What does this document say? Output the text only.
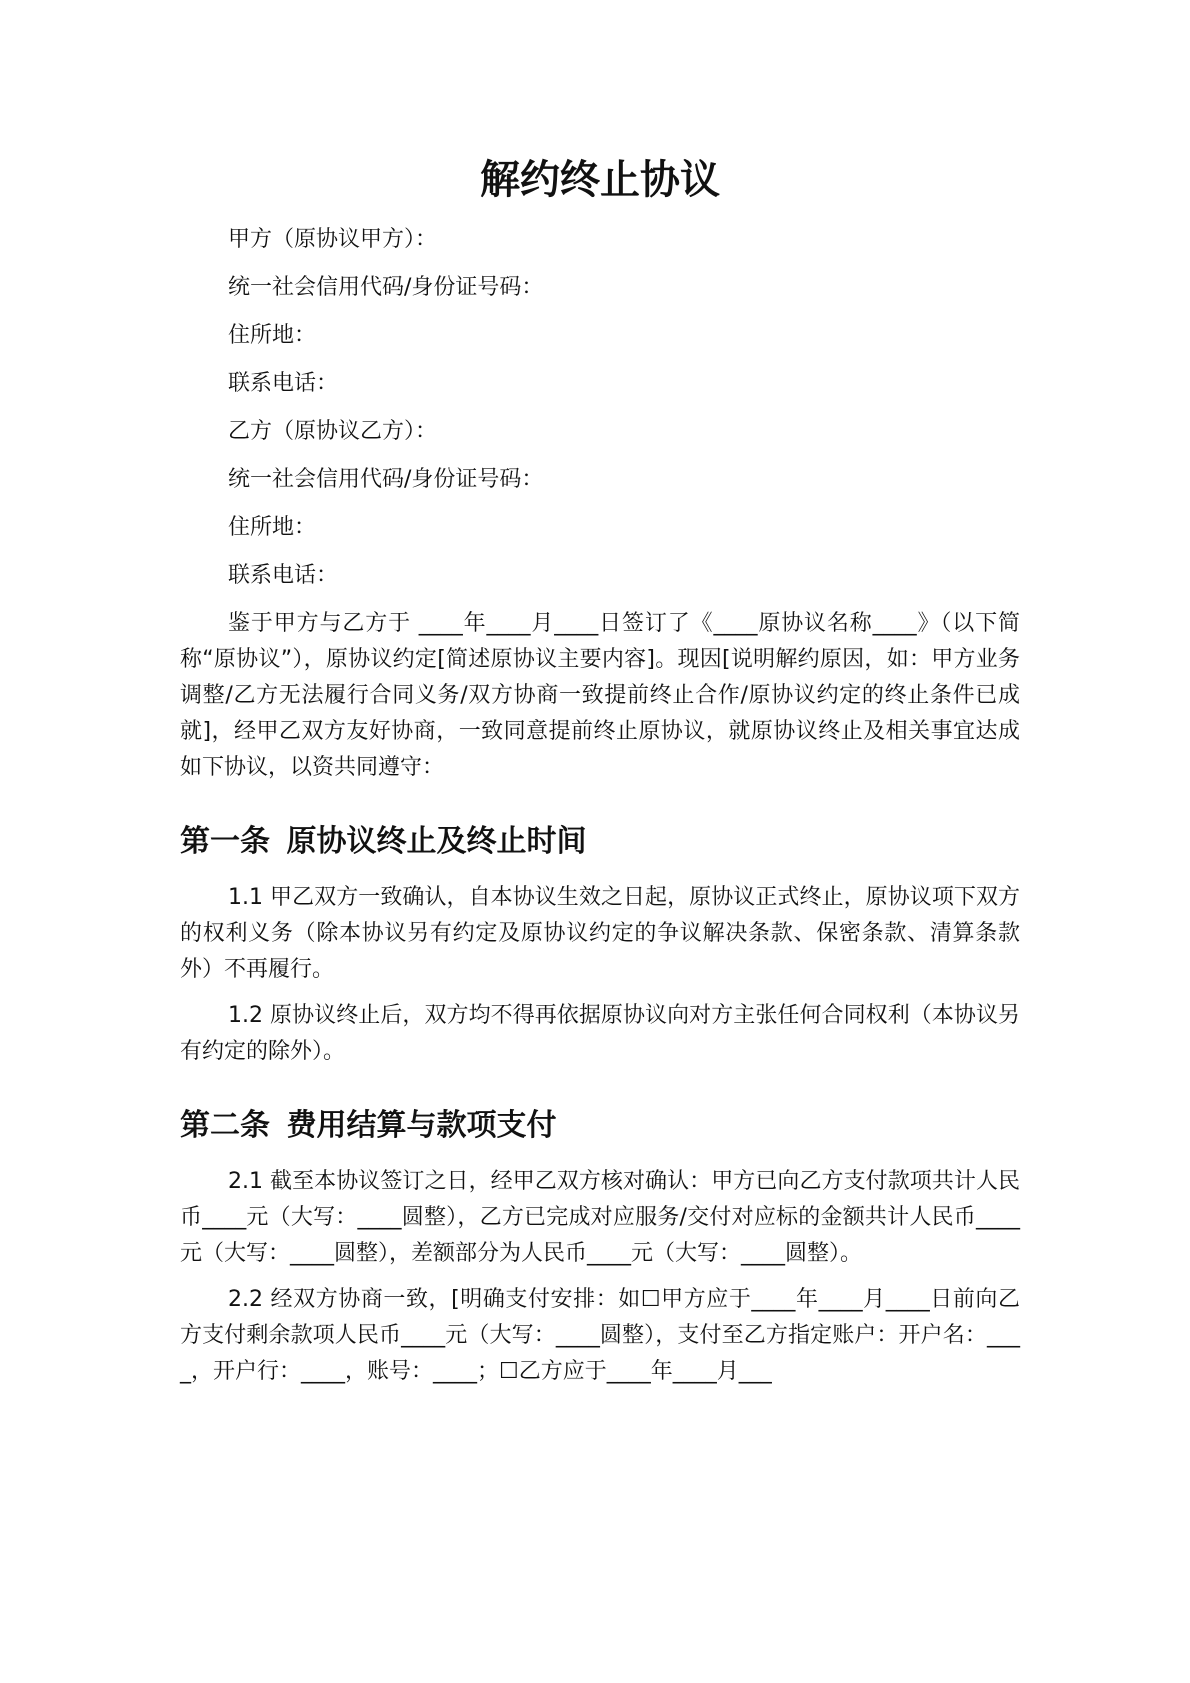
解约终止协议

甲方（原协议甲方）：

统一社会信用代码/身份证号码：

住所地：

联系电话：

乙方（原协议乙方）：

统一社会信用代码/身份证号码：

住所地：

联系电话：

鉴于甲方与乙方于 ____年____月____日签订了《____原协议名称____》（以下简称“原协议”），原协议约定[简述原协议主要内容]。现因[说明解约原因，如：甲方业务调整/乙方无法履行合同义务/双方协商一致提前终止合作/原协议约定的终止条件已成就]，经甲乙双方友好协商，一致同意提前终止原协议，就原协议终止及相关事宜达成如下协议，以资共同遵守：

第一条 原协议终止及终止时间

1.1 甲乙双方一致确认，自本协议生效之日起，原协议正式终止，原协议项下双方的权利义务（除本协议另有约定及原协议约定的争议解决条款、保密条款、清算条款外）不再履行。

1.2 原协议终止后，双方均不得再依据原协议向对方主张任何合同权利（本协议另有约定的除外）。

第二条 费用结算与款项支付

2.1 截至本协议签订之日，经甲乙双方核对确认：甲方已向乙方支付款项共计人民币____元（大写：____圆整），乙方已完成对应服务/交付对应标的金额共计人民币____元（大写：____圆整），差额部分为人民币____元（大写：____圆整）。

2.2 经双方协商一致，[明确支付安排：如☐甲方应于____年____月____日前向乙方支付剩余款项人民币____元（大写：____圆整），支付至乙方指定账户：开户名：____，开户行：____，账号：____；☐乙方应于____年____月___
